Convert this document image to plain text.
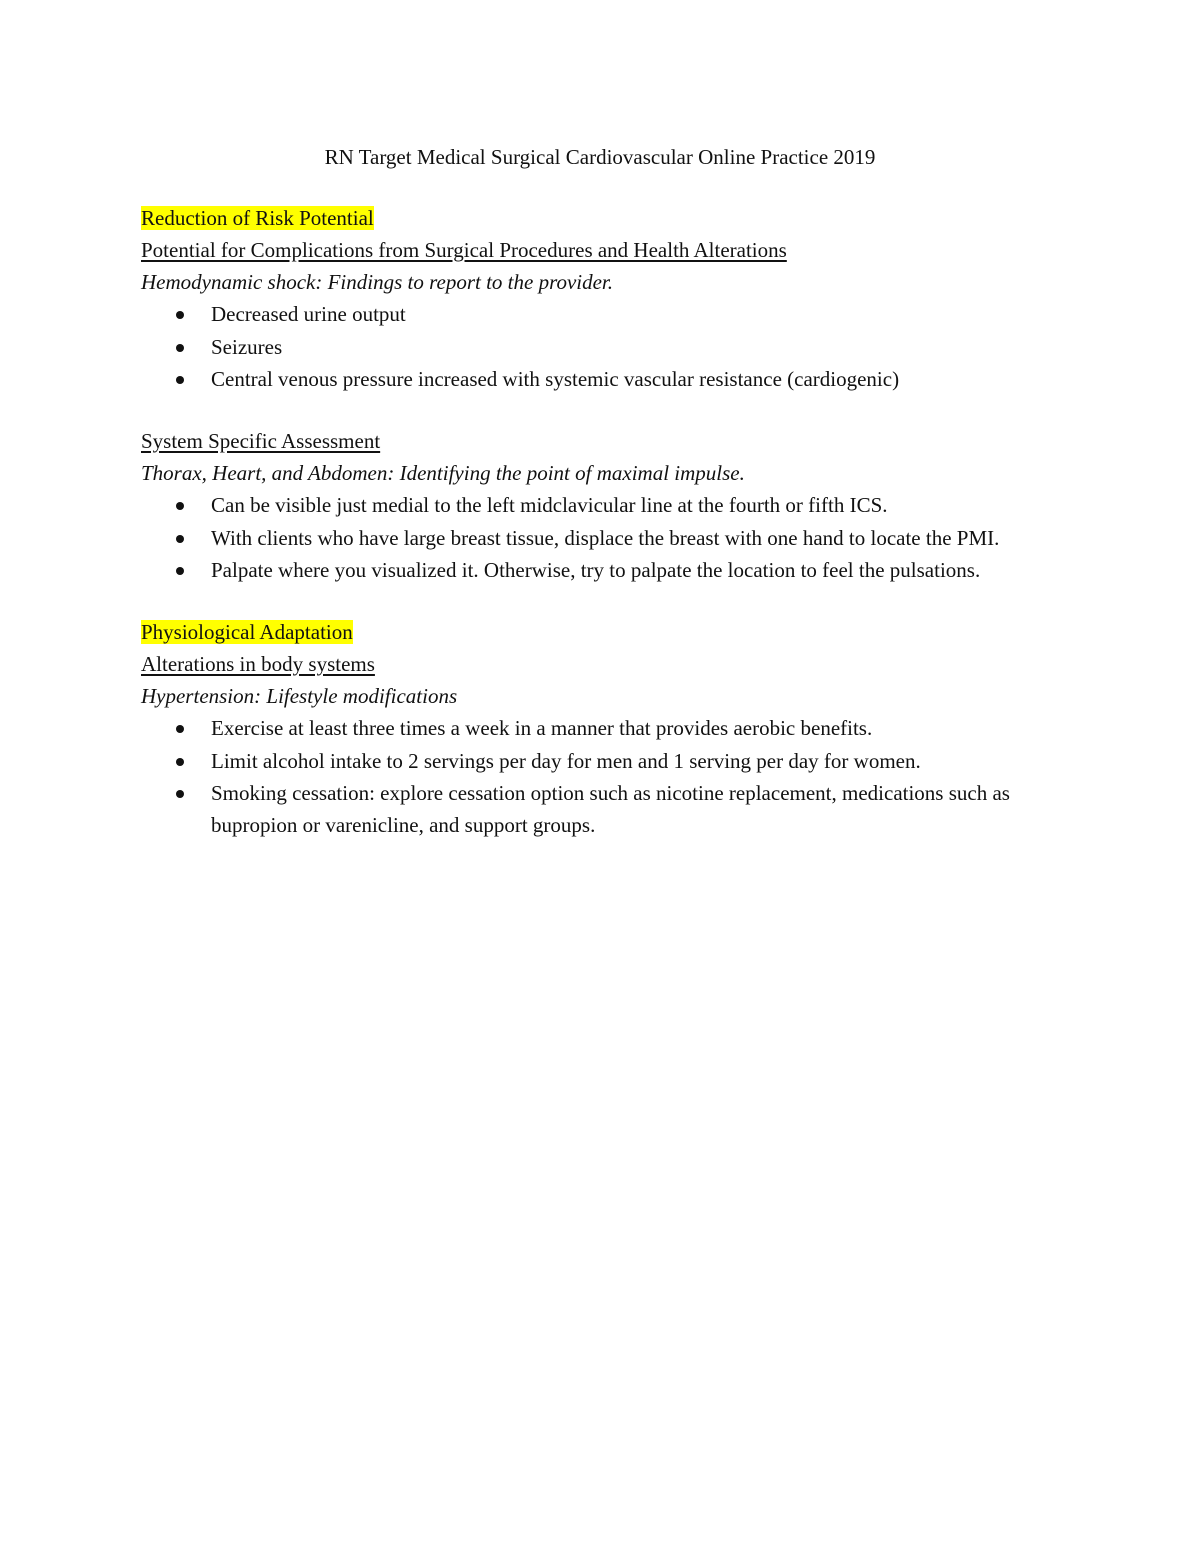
RN Target Medical Surgical Cardiovascular Online Practice 2019
Reduction of Risk Potential
Potential for Complications from Surgical Procedures and Health Alterations
Hemodynamic shock: Findings to report to the provider.
Decreased urine output
Seizures
Central venous pressure increased with systemic vascular resistance (cardiogenic)
System Specific Assessment
Thorax, Heart, and Abdomen: Identifying the point of maximal impulse.
Can be visible just medial to the left midclavicular line at the fourth or fifth ICS.
With clients who have large breast tissue, displace the breast with one hand to locate the PMI.
Palpate where you visualized it. Otherwise, try to palpate the location to feel the pulsations.
Physiological Adaptation
Alterations in body systems
Hypertension: Lifestyle modifications
Exercise at least three times a week in a manner that provides aerobic benefits.
Limit alcohol intake to 2 servings per day for men and 1 serving per day for women.
Smoking cessation: explore cessation option such as nicotine replacement, medications such as bupropion or varenicline, and support groups.
